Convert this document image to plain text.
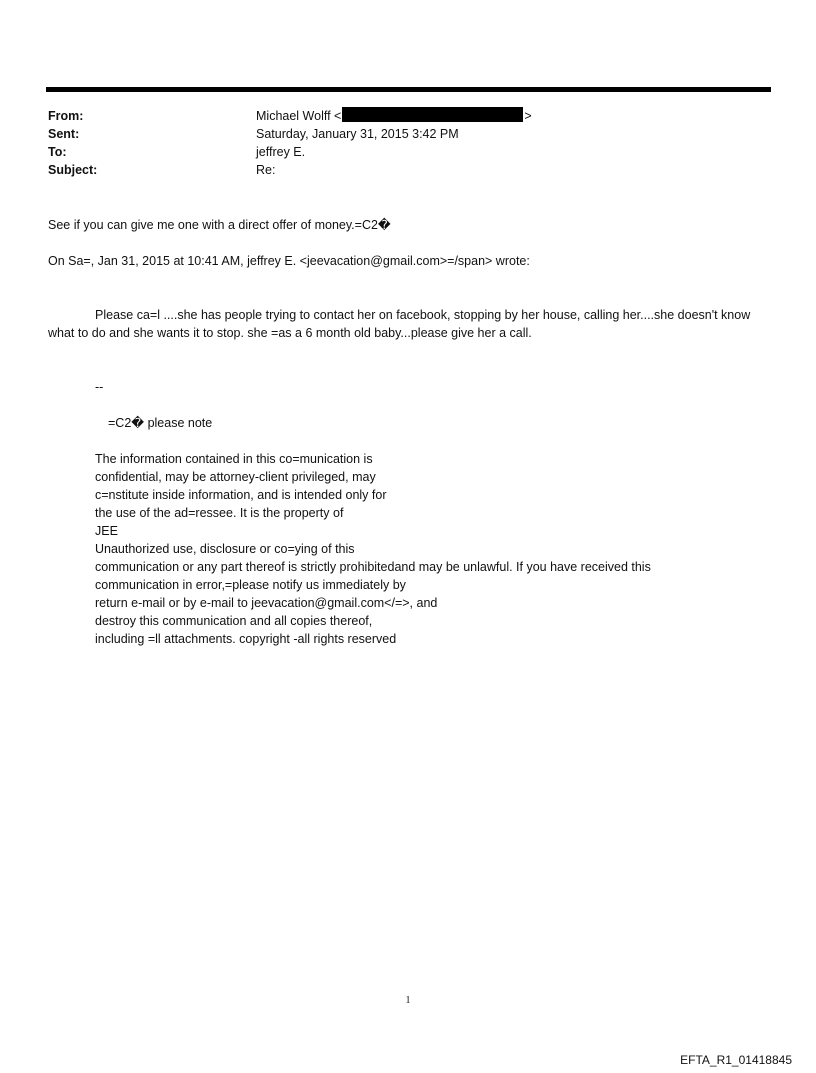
From:	Michael Wolff <	>
Sent:	Saturday, January 31, 2015 3:42 PM
To:	jeffrey E.
Subject:	Re:
See if you can give me one with a direct offer of money.=C2�
On Sa=, Jan 31, 2015 at 10:41 AM, jeffrey E. <jeevacation@gmail.com>=/span> wrote:
Please ca=l ....she has people trying to contact her on facebook, stopping by her house, calling her....she doesn't know what to do and she wants it to stop. she =as a 6 month old baby...please give her a call.
--
=C2� please note
The information contained in this co=munication is
confidential, may be attorney-client privileged, may
c=nstitute inside information, and is intended only for
the use of the ad=ressee. It is the property of
JEE
Unauthorized use, disclosure or co=ying of this
communication or any part thereof is strictly prohibitedand may be unlawful. If you have received this
communication in error,=please notify us immediately by
return e-mail or by e-mail to jeevacation@gmail.com</=>, and
destroy this communication and all copies thereof,
including =ll attachments. copyright -all rights reserved
1
EFTA_R1_01418845
